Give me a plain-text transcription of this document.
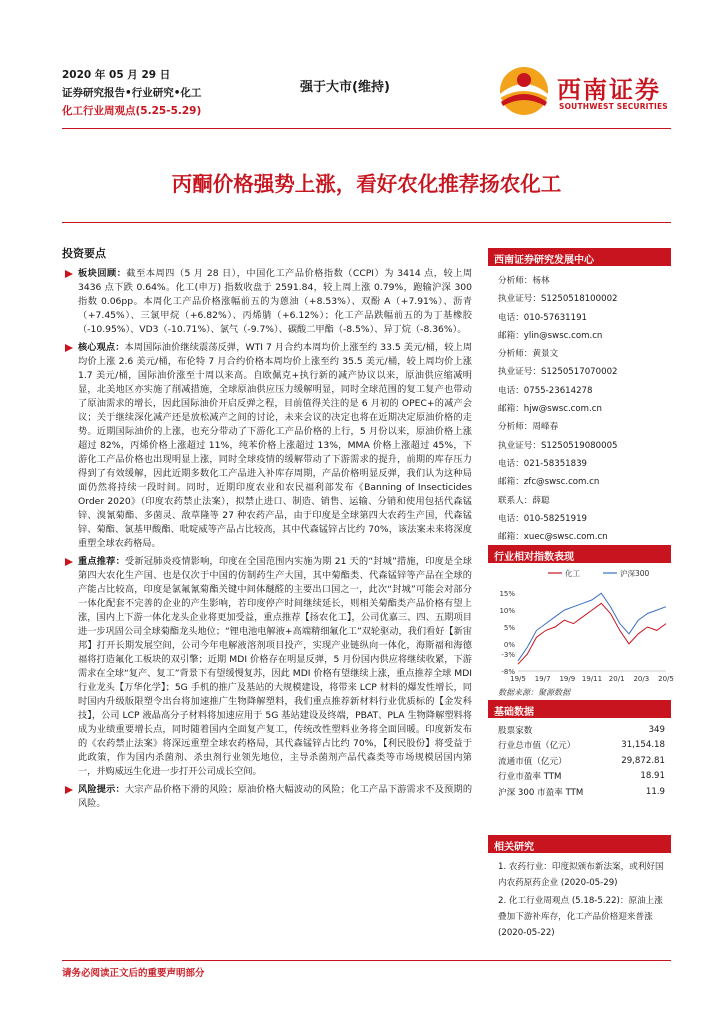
2020 年 05 月 29 日
证券研究报告•行业研究•化工
化工行业周观点(5.25-5.29)
强于大市(维持)	西南证券
SOUTHWEST SECURITIES
丙酮价格强势上涨，看好农化推荐扬农化工
投资要点
板块回顾：截至本周四（5 月 28 日），中国化工产品价格指数（CCPI）为 3414 点，较上周 3436 点下跌 0.64%。化工(申万) 指数收盘于 2591.84，较上周上涨 0.79%，跑输沪深 300 指数 0.06pp。本周化工产品价格涨幅前五的为蒽油（+8.53%）、双酚 A（+7.91%）、沥青（+7.45%）、三氯甲烷（+6.82%）、丙烯腈（+6.12%）；化工产品跌幅前五的为丁基橡胶（-10.95%）、VD3（-10.71%）、氯气（-9.7%）、碳酸二甲酯（-8.5%）、异丁烷（-8.36%）。
核心观点：本周国际油价继续震荡反弹，WTI 7 月合约本周均价上涨至约 33.5 美元/桶，较上周均价上涨 2.6 美元/桶，布伦特 7 月合约价格本周均价上涨至约 35.5 美元/桶，较上周均价上涨 1.7 美元/桶，国际油价涨至十周以来高。自欧佩克+执行新的减产协议以来，原油供应缩减明显，北美地区亦实施了削减措施，全球原油供应压力缓解明显，同时全球范围的复工复产也带动了原油需求的增长，因此国际油价开启反弹之程，目前值得关注的是 6 月初的 OPEC+的减产会议；关于继续深化减产还是放松减产之间的讨论，未来会议的决定也将在近期决定原油价格的走势。近期国际油价的上涨，也充分带动了下游化工产品价格的上行，5 月份以来，原油价格上涨超过 82%，丙烯价格上涨超过 11%，纯苯价格上涨超过 13%，MMA 价格上涨超过 45%，下游化工产品价格也出现明显上涨，同时全球疫情的缓解带动了下游需求的提升，前期的库存压力得到了有效缓解，因此近期多数化工产品进入补库存周期，产品价格明显反弹，我们认为这种局面仍然将持续一段时间。同时，近期印度农业和农民福利部发布《Banning of Insecticides Order 2020》（印度农药禁止法案），拟禁止进口、制造、销售、运输、分销和使用包括代森锰锌、溴氰菊酯、多菌灵、敌草隆等 27 种农药产品，由于印度是全球第四大农药生产国，代森锰锌、菊酯、氯基甲酸酯、吡啶威等产品占比较高，其中代森锰锌占比约 70%，该法案未来将深度重塑全球农药格局。
重点推荐：受新冠肺炎疫情影响，印度在全国范围内实施为期 21 天的“封城”措施，印度是全球第四大农化生产国、也是仅次于中国的仿制药生产大国，其中菊酯类、代森锰锌等产品在全球的产能占比较高，印度是氯氟氰菊酯关键中间体醚醛的主要出口国之一，此次“封城”可能会对部分一体化配套不完善的企业的产生影响，若印度停产时间继续延长，则相关菊酯类产品价格有望上涨，国内上下游一体化龙头企业将更加受益，重点推荐【扬农化工】，公司优嘉三、四、五期项目进一步巩固公司全球菊酯龙头地位；“锂电池电解液+高端精细氟化工”双轮驱动，我们看好【新宙邦】打开长期发展空间，公司今年电解液溶剂项目投产，实现产业链纵向一体化，海斯福和海德福将打造氟化工板块的双引擎；近期 MDI 价格存在明显反弹，5 月份国内供应将继续收紧，下游需求在全球“复产、复工”背景下有望缓慢复苏，因此 MDI 价格有望继续上涨，重点推荐全球 MDI 行业龙头【万华化学】；5G 手机的推广及基站的大规模建设，将带来 LCP 材料的爆发性增长，同时国内升级版限塑令出台将加速推广生物降解塑料，我们重点推荐新材料行业优质标的【金发科技】，公司 LCP 液晶高分子材料将加速应用于 5G 基站建设及终端，PBAT、PLA 生物降解塑料将成为业绩重要增长点，同时随着国内全面复产复工，传统改性塑料业务将全面回暖。印度新发布的《农药禁止法案》将深远重塑全球农药格局，其代森锰锌占比约 70%，【利民股份】将受益于此政策，作为国内杀菌剂、杀虫剂行业领先地位，主导杀菌剂产品代森类等市场规模居国内第一，并购威远生化进一步打开公司成长空间。
风险提示：大宗产品价格下滑的风险；原油价格大幅波动的风险；化工产品下游需求不及预期的风险。
西南证券研究发展中心
分析师：杨林
执业证号：S1250518100002
电话：010-57631191
邮箱：ylin@swsc.com.cn
分析师：黄景文
执业证号：S1250517070002
电话：0755-23614278
邮箱：hjw@swsc.com.cn
分析师：周峰春
执业证号：S1250519080005
电话：021-58351839
邮箱：zfc@swsc.com.cn
联系人：薛聪
电话：010-58251919
邮箱：xuec@swsc.com.cn
行业相对指数表现
15%
10%
5%
0%
-3%
-8%
19/5 19/7 19/9 19/11 20/1 20/3 20/5
化工	沪深300
数据来源：聚源数据
基础数据
股票家数	349
行业总市值（亿元）	31,154.18
流通市值（亿元）	29,872.81
行业市盈率 TTM	18.91
沪深 300 市盈率 TTM	11.9
相关研究
1. 农药行业：印度拟颁布新法案，或利好国内农药原药企业 (2020-05-29)
2. 化工行业周观点 (5.18-5.22)：原油上涨叠加下游补库存，化工产品价格迎来普涨 (2020-05-22)
请务必阅读正文后的重要声明部分
